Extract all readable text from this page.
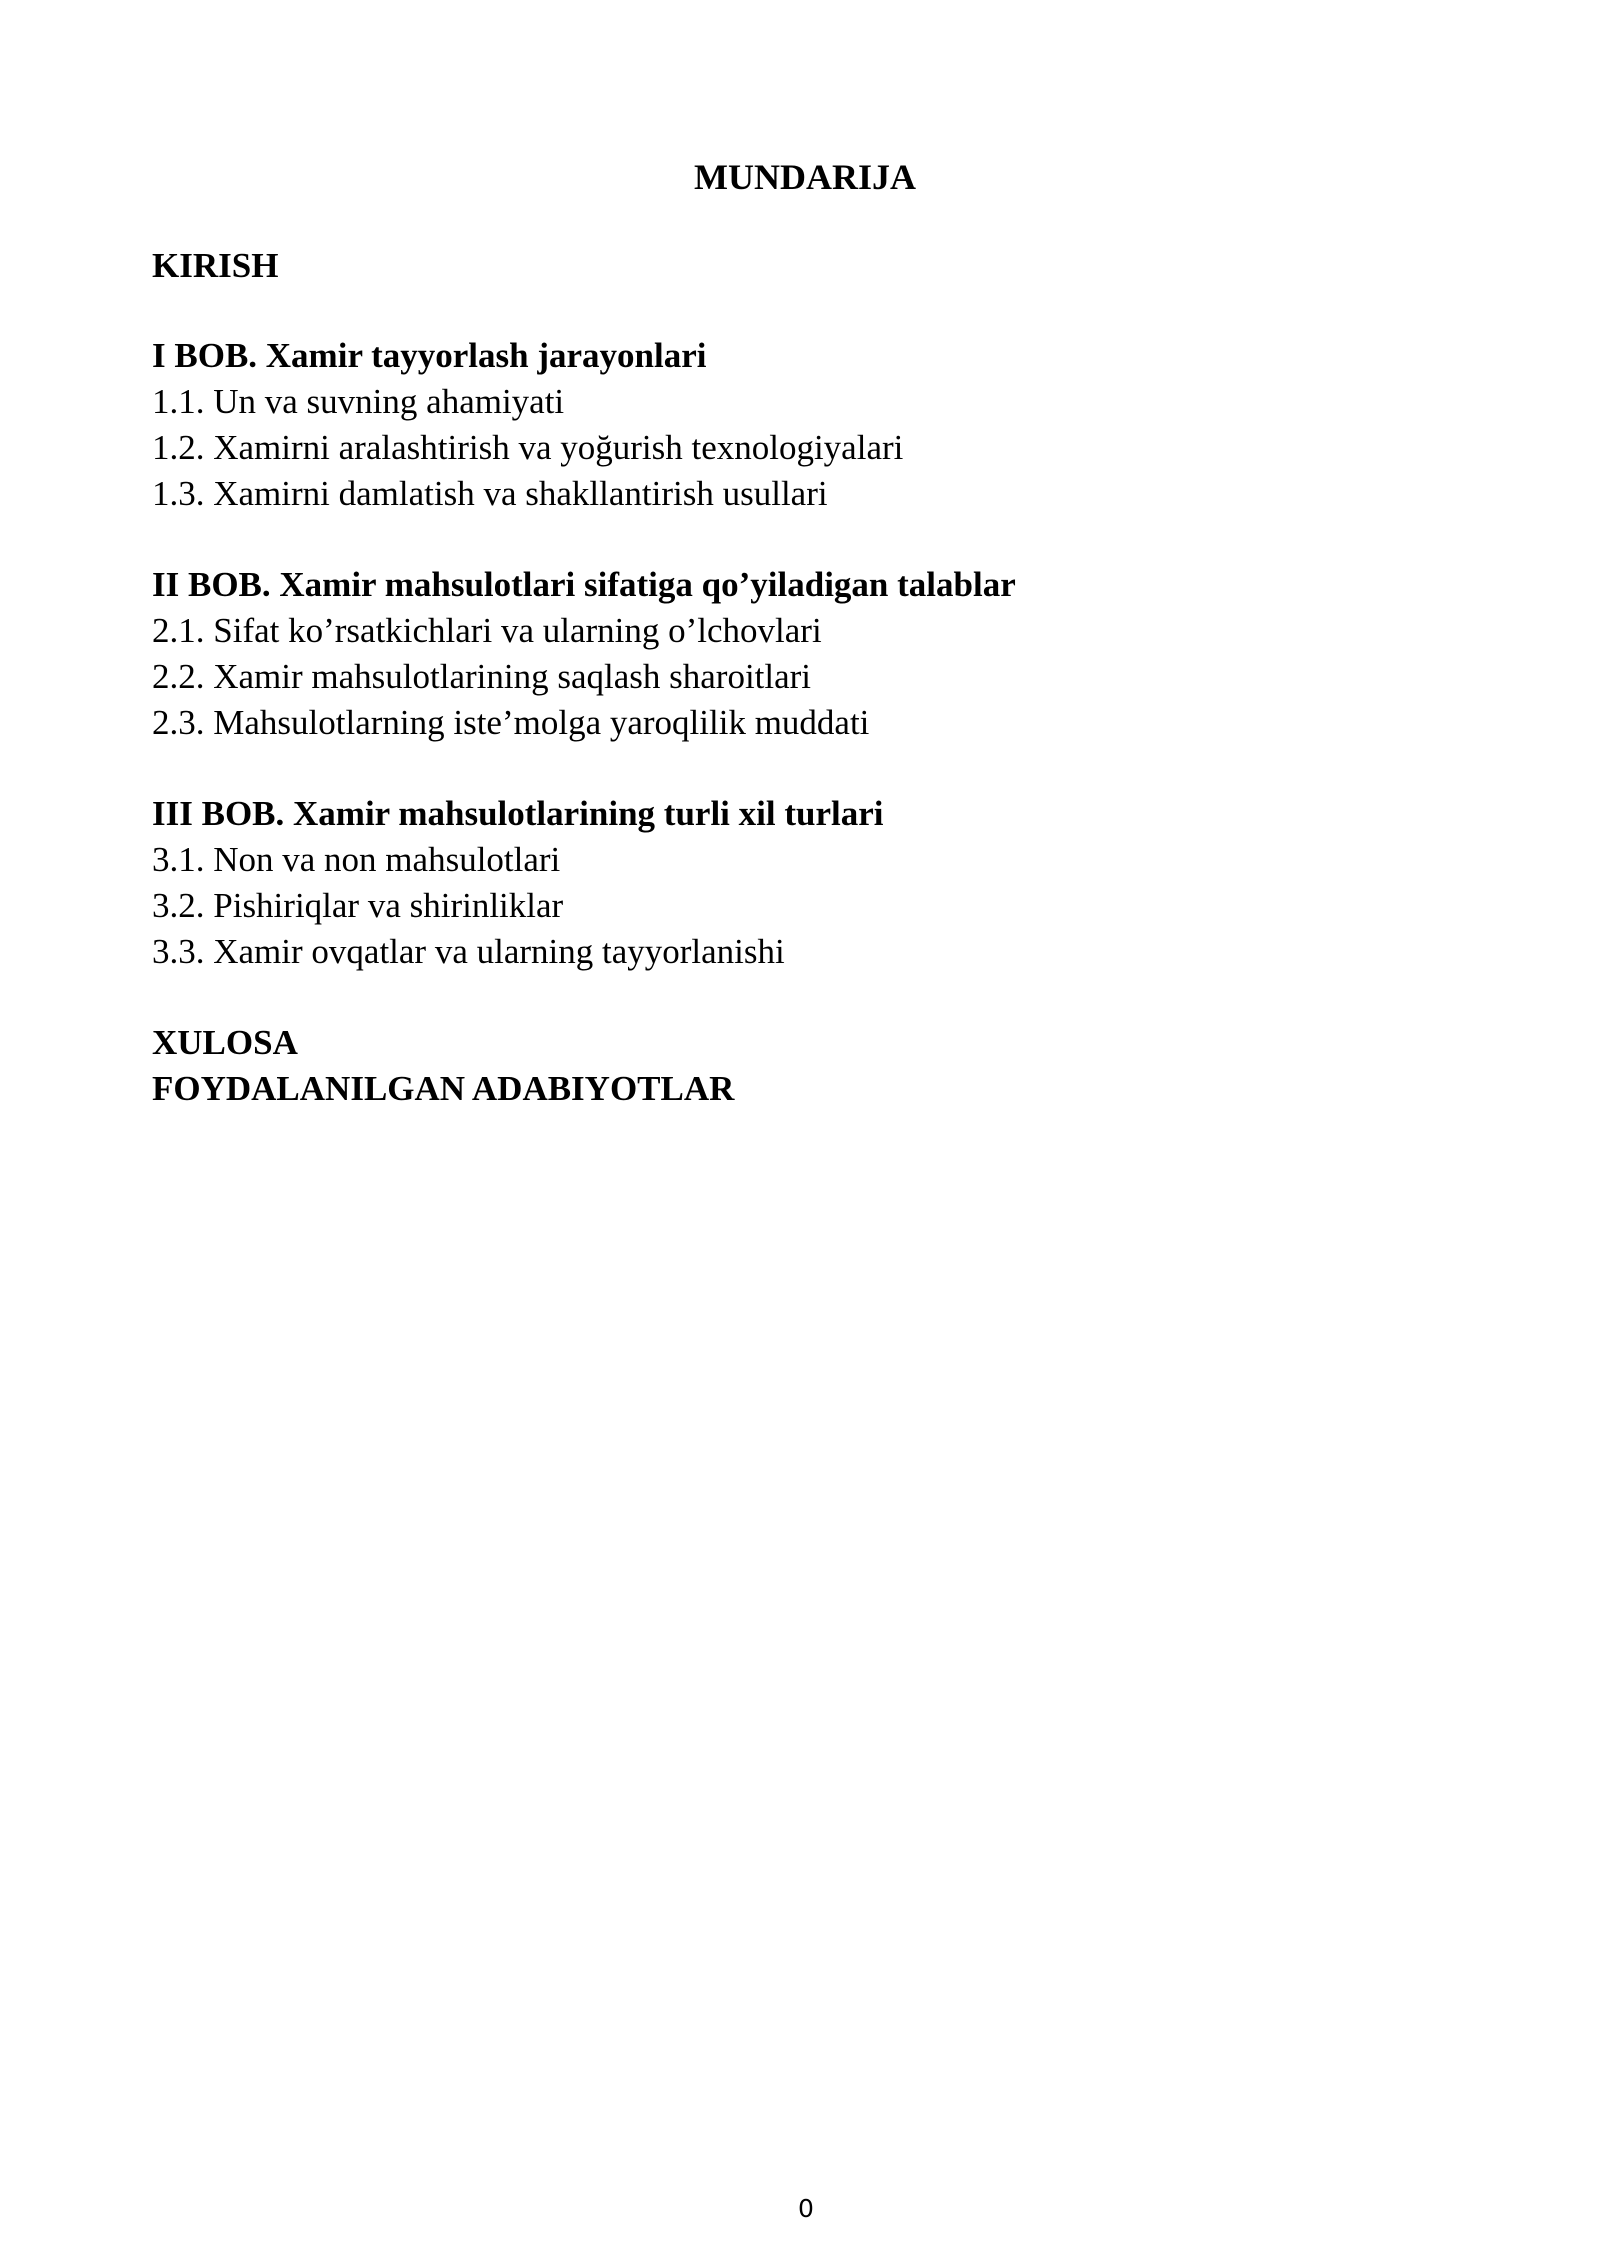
MUNDARIJA
KIRISH
I BOB. Xamir tayyorlash jarayonlari
1.1. Un va suvning ahamiyati
1.2. Xamirni aralashtirish va yoğurish texnologiyalari
1.3. Xamirni damlatish va shakllantirish usullari
II BOB. Xamir mahsulotlari sifatiga qo’yiladigan talablar
2.1. Sifat ko’rsatkichlari va ularning o’lchovlari
2.2. Xamir mahsulotlarining saqlash sharoitlari
2.3. Mahsulotlarning iste’molga yaroqlilik muddati
III BOB. Xamir mahsulotlarining turli xil turlari
3.1. Non va non mahsulotlari
3.2. Pishiriqlar va shirinliklar
3.3. Xamir ovqatlar va ularning tayyorlanishi
XULOSA
FOYDALANILGAN ADABIYOTLAR
0
